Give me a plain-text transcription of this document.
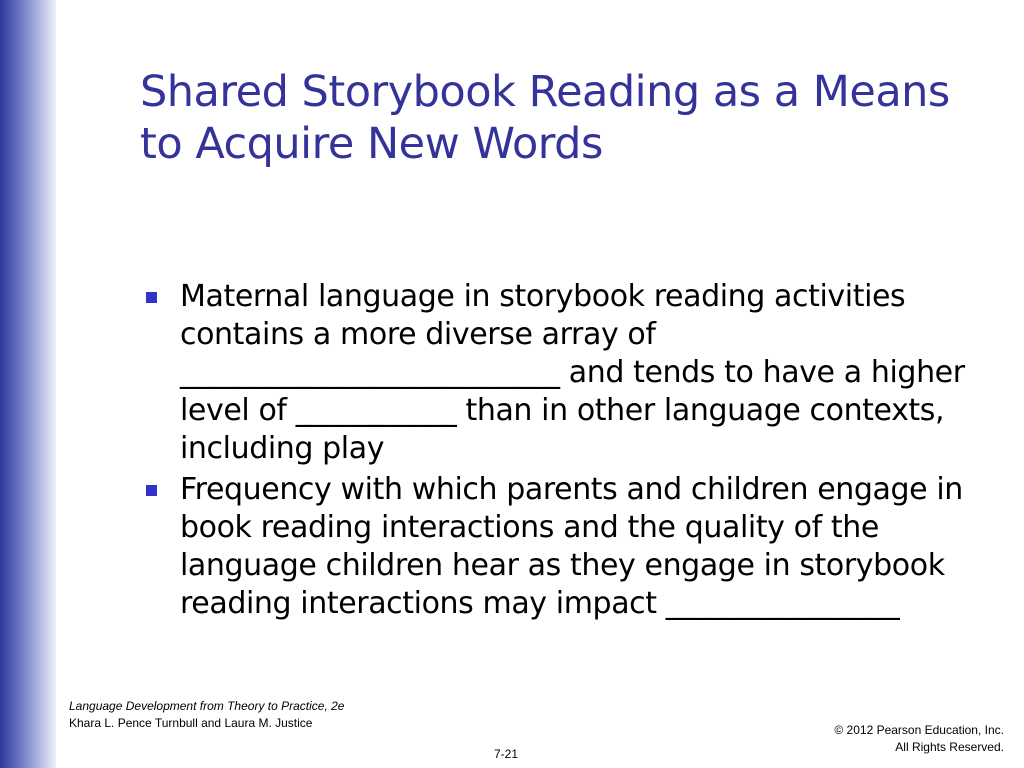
Shared Storybook Reading as a Means to Acquire New Words
Maternal language in storybook reading activities contains a more diverse array of __________________________ and tends to have a higher level of ___________ than in other language contexts, including play
Frequency with which parents and children engage in book reading interactions and the quality of the language children hear as they engage in storybook reading interactions may impact ________________
Language Development from Theory to Practice, 2e
Khara L. Pence Turnbull and Laura M. Justice
7-21
© 2012 Pearson Education, Inc.
All Rights Reserved.
